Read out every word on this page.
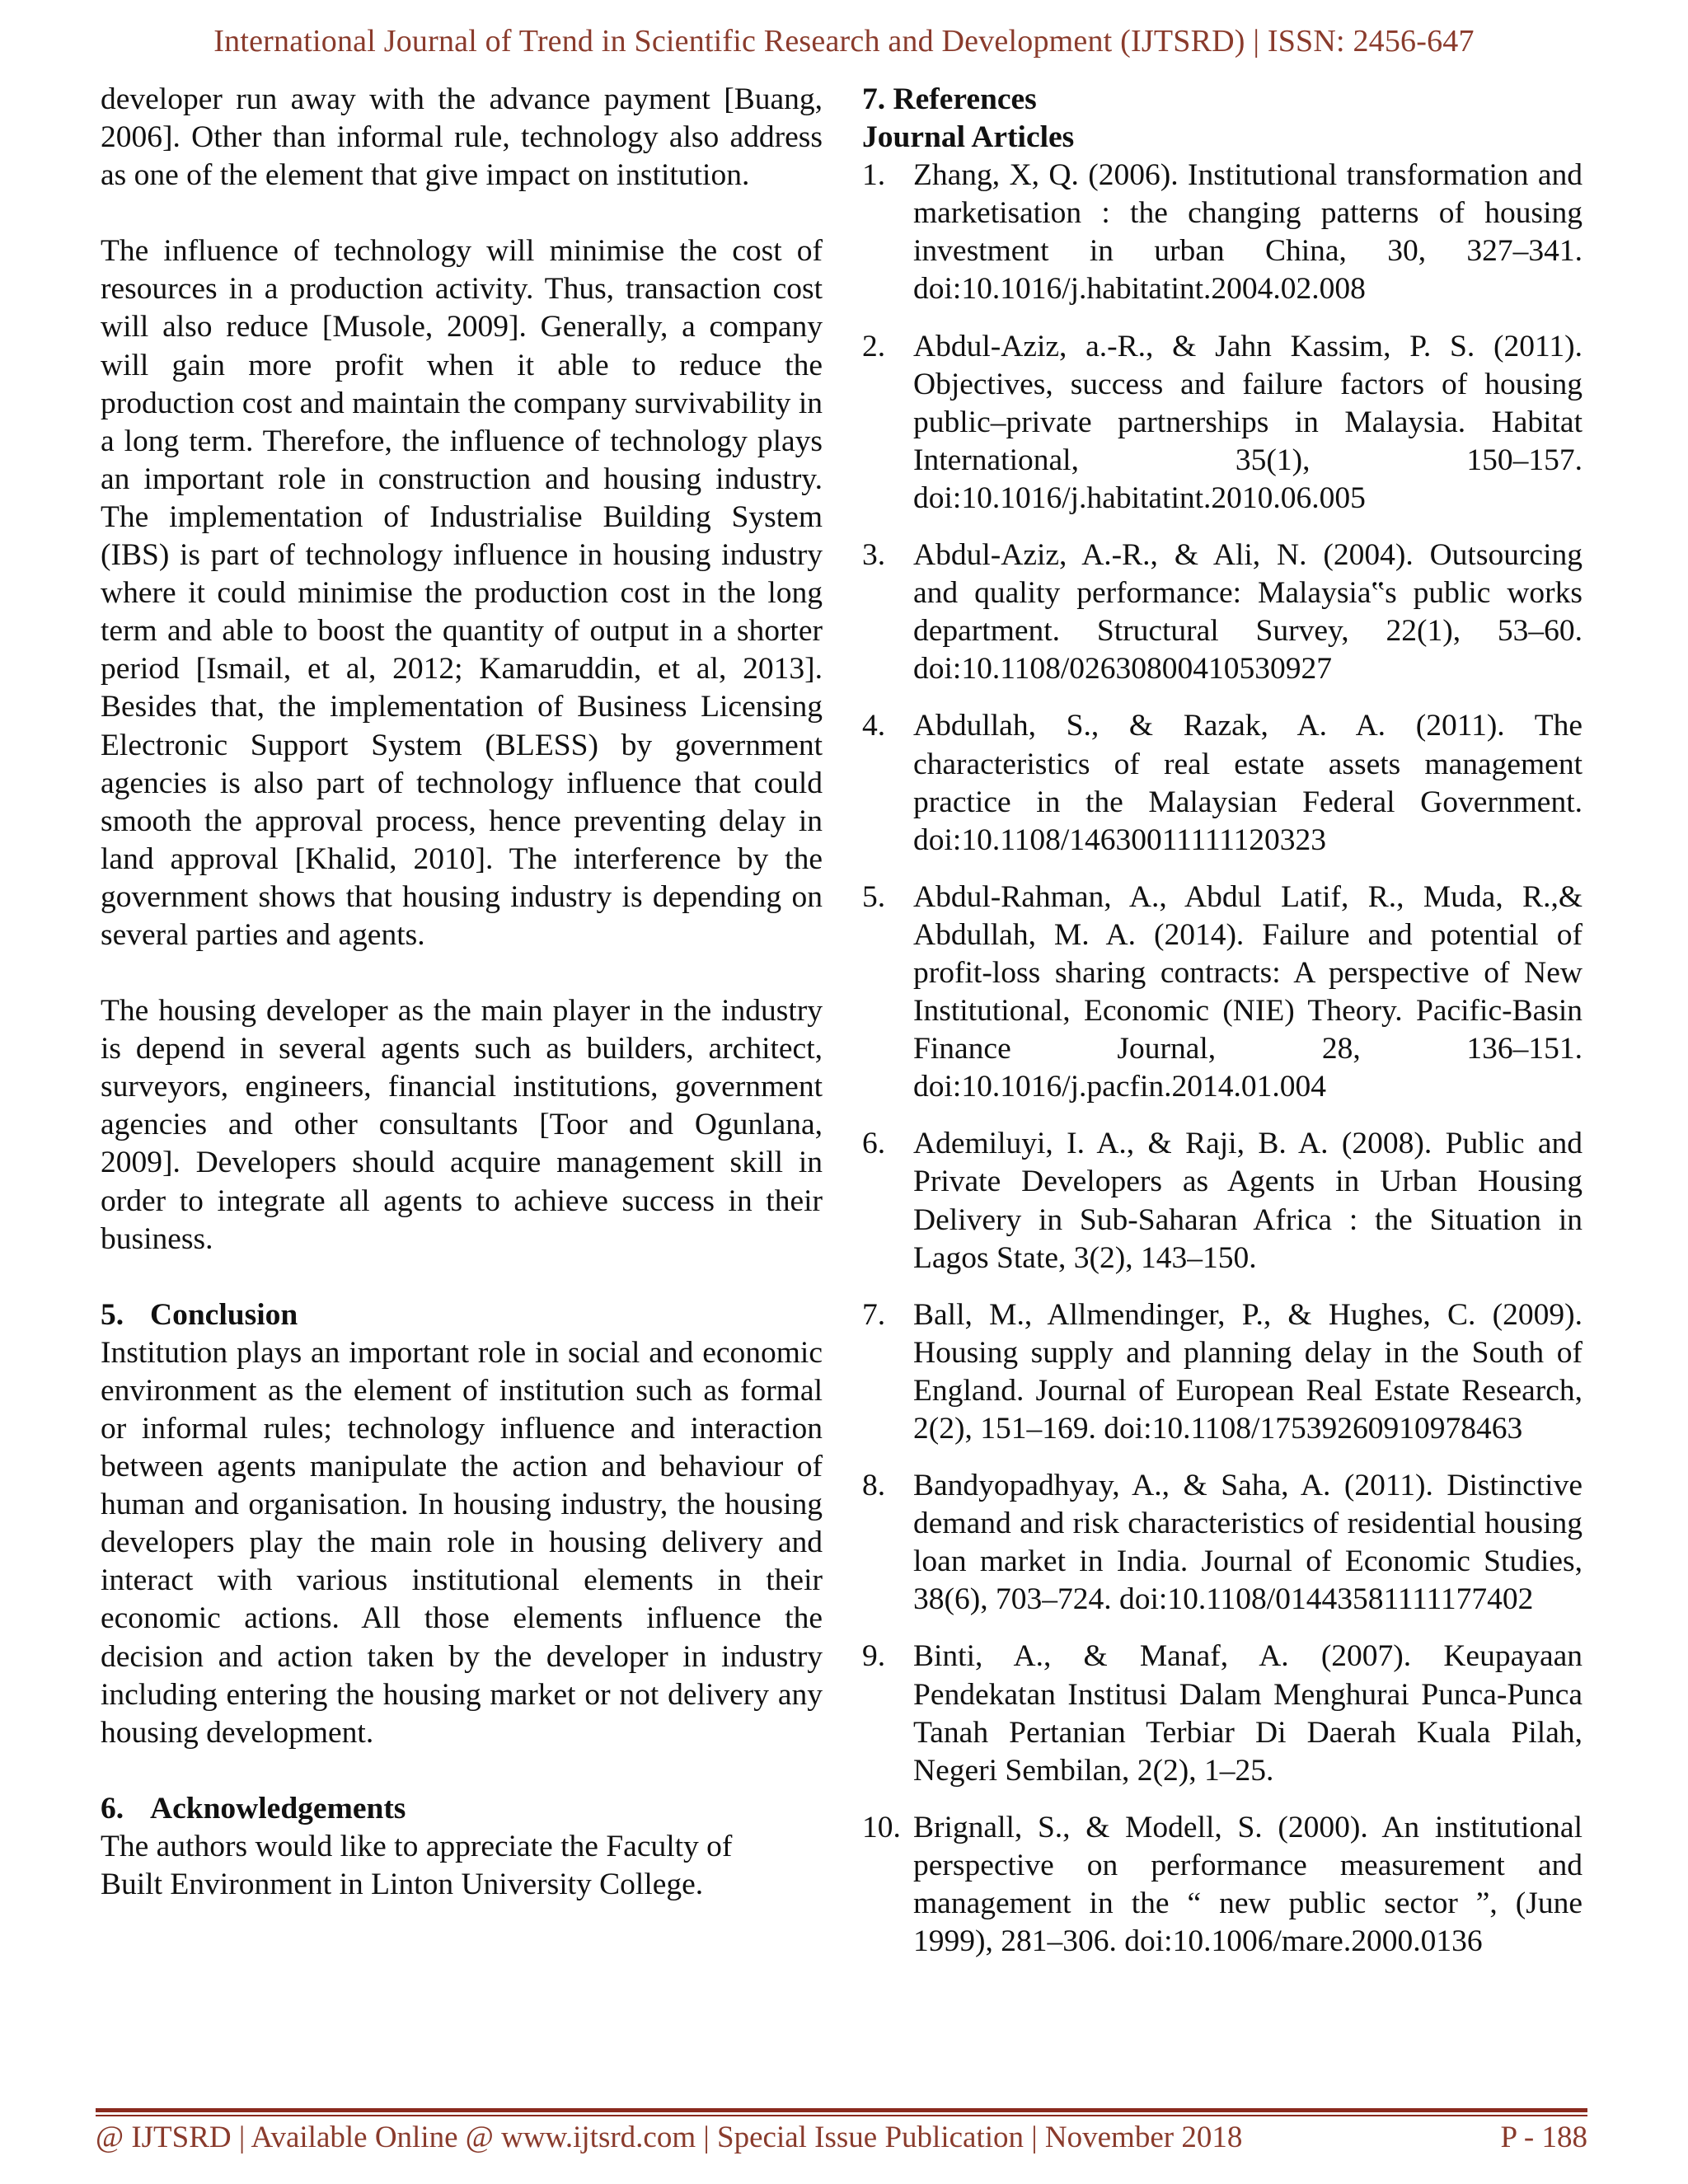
International Journal of Trend in Scientific Research and Development (IJTSRD) | ISSN: 2456-647

developer run away with the advance payment [Buang, 2006]. Other than informal rule, technology also address as one of the element that give impact on institution.

The influence of technology will minimise the cost of resources in a production activity. Thus, transaction cost will also reduce [Musole, 2009]. Generally, a company will gain more profit when it able to reduce the production cost and maintain the company survivability in a long term. Therefore, the influence of technology plays an important role in construction and housing industry. The implementation of Industrialise Building System (IBS) is part of technology influence in housing industry where it could minimise the production cost in the long term and able to boost the quantity of output in a shorter period [Ismail, et al, 2012; Kamaruddin, et al, 2013]. Besides that, the implementation of Business Licensing Electronic Support System (BLESS) by government agencies is also part of technology influence that could smooth the approval process, hence preventing delay in land approval [Khalid, 2010]. The interference by the government shows that housing industry is depending on several parties and agents.

The housing developer as the main player in the industry is depend in several agents such as builders, architect, surveyors, engineers, financial institutions, government agencies and other consultants [Toor and Ogunlana, 2009]. Developers should acquire management skill in order to integrate all agents to achieve success in their business.

5. Conclusion

Institution plays an important role in social and economic environment as the element of institution such as formal or informal rules; technology influence and interaction between agents manipulate the action and behaviour of human and organisation. In housing industry, the housing developers play the main role in housing delivery and interact with various institutional elements in their economic actions. All those elements influence the decision and action taken by the developer in industry including entering the housing market or not delivery any housing development.

6. Acknowledgements

The authors would like to appreciate the Faculty of

Built Environment in Linton University College.

7. References

Journal Articles

1. Zhang, X, Q. (2006). Institutional transformation and marketisation : the changing patterns of housing investment in urban China, 30, 327–341. doi:10.1016/j.habitatint.2004.02.008
2. Abdul-Aziz, a.-R., & Jahn Kassim, P. S. (2011). Objectives, success and failure factors of housing public–private partnerships in Malaysia. Habitat International, 35(1), 150–157. doi:10.1016/j.habitatint.2010.06.005
3. Abdul-Aziz, A.-R., & Ali, N. (2004). Outsourcing and quality performance: Malaysia‟s public works department. Structural Survey, 22(1), 53–60. doi:10.1108/02630800410530927
4. Abdullah, S., & Razak, A. A. (2011). The characteristics of real estate assets management practice in the Malaysian Federal Government. doi:10.1108/14630011111120323
5. Abdul-Rahman, A., Abdul Latif, R., Muda, R.,& Abdullah, M. A. (2014). Failure and potential of profit-loss sharing contracts: A perspective of New Institutional, Economic (NIE) Theory. Pacific-Basin Finance Journal, 28, 136–151. doi:10.1016/j.pacfin.2014.01.004
6. Ademiluyi, I. A., & Raji, B. A. (2008). Public and Private Developers as Agents in Urban Housing Delivery in Sub-Saharan Africa : the Situation in Lagos State, 3(2), 143–150.
7. Ball, M., Allmendinger, P., & Hughes, C. (2009). Housing supply and planning delay in the South of England. Journal of European Real Estate Research, 2(2), 151–169. doi:10.1108/17539260910978463
8. Bandyopadhyay, A., & Saha, A. (2011). Distinctive demand and risk characteristics of residential housing loan market in India. Journal of Economic Studies, 38(6), 703–724. doi:10.1108/01443581111177402
9. Binti, A., & Manaf, A. (2007). Keupayaan Pendekatan Institusi Dalam Menghurai Punca-Punca Tanah Pertanian Terbiar Di Daerah Kuala Pilah, Negeri Sembilan, 2(2), 1–25.
10. Brignall, S., & Modell, S. (2000). An institutional perspective on performance measurement and management in the “ new public sector ”, (June 1999), 281–306. doi:10.1006/mare.2000.0136
@ IJTSRD | Available Online @ www.ijtsrd.com | Special Issue Publication | November 2018	P - 188
